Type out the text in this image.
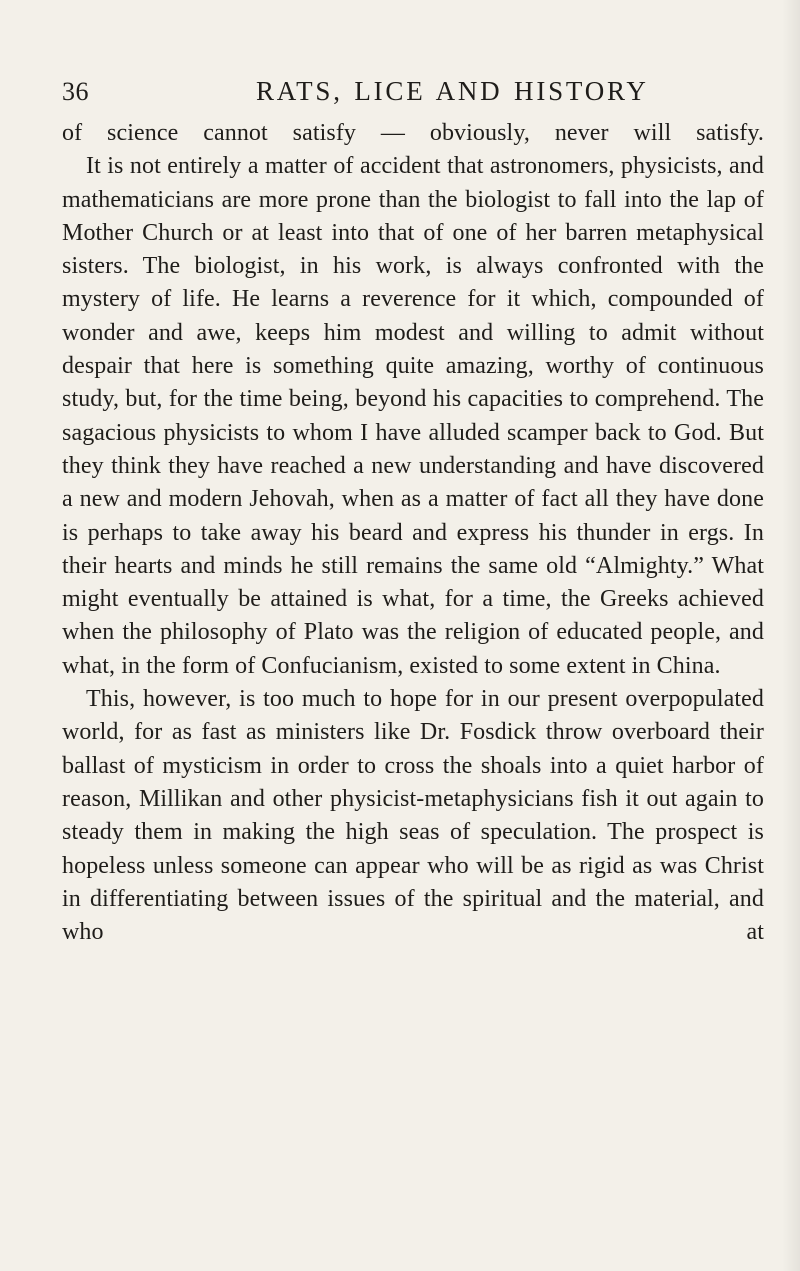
36	RATS, LICE AND HISTORY

of science cannot satisfy — obviously, never will satisfy.

It is not entirely a matter of accident that astronomers, physicists, and mathematicians are more prone than the biologist to fall into the lap of Mother Church or at least into that of one of her barren metaphysical sisters. The biologist, in his work, is always confronted with the mystery of life. He learns a reverence for it which, compounded of wonder and awe, keeps him modest and willing to admit without despair that here is something quite amazing, worthy of continuous study, but, for the time being, beyond his capacities to comprehend. The sagacious physicists to whom I have alluded scamper back to God. But they think they have reached a new understanding and have discovered a new and modern Jehovah, when as a matter of fact all they have done is perhaps to take away his beard and express his thunder in ergs. In their hearts and minds he still remains the same old “Almighty.” What might eventually be attained is what, for a time, the Greeks achieved when the philosophy of Plato was the religion of educated people, and what, in the form of Confucianism, existed to some extent in China.

This, however, is too much to hope for in our present overpopulated world, for as fast as ministers like Dr. Fosdick throw overboard their ballast of mysticism in order to cross the shoals into a quiet harbor of reason, Millikan and other physicist-metaphysicians fish it out again to steady them in making the high seas of speculation. The prospect is hopeless unless someone can appear who will be as rigid as was Christ in differentiating between issues of the spiritual and the material, and who at
